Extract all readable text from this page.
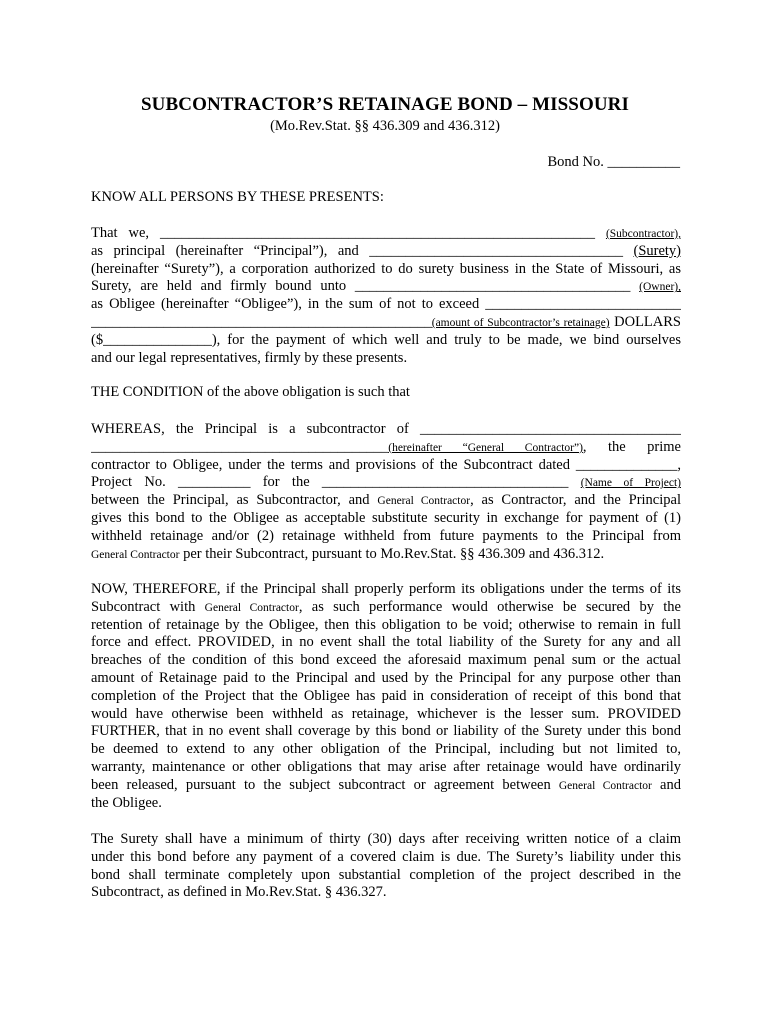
SUBCONTRACTOR’S RETAINAGE BOND – MISSOURI
(Mo.Rev.Stat. §§ 436.309 and 436.312)
Bond No. __________
KNOW ALL PERSONS BY THESE PRESENTS:
That we, ____________________________________________________________ (Subcontractor),
as principal (hereinafter “Principal”), and ___________________________________ (Surety)
(hereinafter “Surety”), a corporation authorized to do surety business in the State of Missouri, as
Surety, are held and firmly bound unto ______________________________________ (Owner),
as Obligee (hereinafter “Obligee”), in the sum of not to exceed ___________________________
_______________________________________________(amount of Subcontractor’s retainage) DOLLARS
($_______________), for the payment of which well and truly to be made, we bind ourselves
and our legal representatives, firmly by these presents.
THE CONDITION of the above obligation is such that
WHEREAS, the Principal is a subcontractor of ____________________________________
_________________________________________(hereinafter “General Contractor”), the prime
contractor to Obligee, under the terms and provisions of the Subcontract dated ______________,
Project No. __________ for the __________________________________ (Name of Project)
between the Principal, as Subcontractor, and General Contractor, as Contractor, and the Principal
gives this bond to the Obligee as acceptable substitute security in exchange for payment of (1)
withheld retainage and/or (2) retainage withheld from future payments to the Principal from
General Contractor per their Subcontract, pursuant to Mo.Rev.Stat. §§ 436.309 and 436.312.
NOW, THEREFORE, if the Principal shall properly perform its obligations under the terms of its
Subcontract with General Contractor, as such performance would otherwise be secured by the
retention of retainage by the Obligee, then this obligation to be void; otherwise to remain in full
force and effect. PROVIDED, in no event shall the total liability of the Surety for any and all
breaches of the condition of this bond exceed the aforesaid maximum penal sum or the actual
amount of Retainage paid to the Principal and used by the Principal for any purpose other than
completion of the Project that the Obligee has paid in consideration of receipt of this bond that
would have otherwise been withheld as retainage, whichever is the lesser sum. PROVIDED
FURTHER, that in no event shall coverage by this bond or liability of the Surety under this bond
be deemed to extend to any other obligation of the Principal, including but not limited to,
warranty, maintenance or other obligations that may arise after retainage would have ordinarily
been released, pursuant to the subject subcontract or agreement between General Contractor and
the Obligee.
The Surety shall have a minimum of thirty (30) days after receiving written notice of a claim
under this bond before any payment of a covered claim is due. The Surety’s liability under this
bond shall terminate completely upon substantial completion of the project described in the
Subcontract, as defined in Mo.Rev.Stat. § 436.327.
